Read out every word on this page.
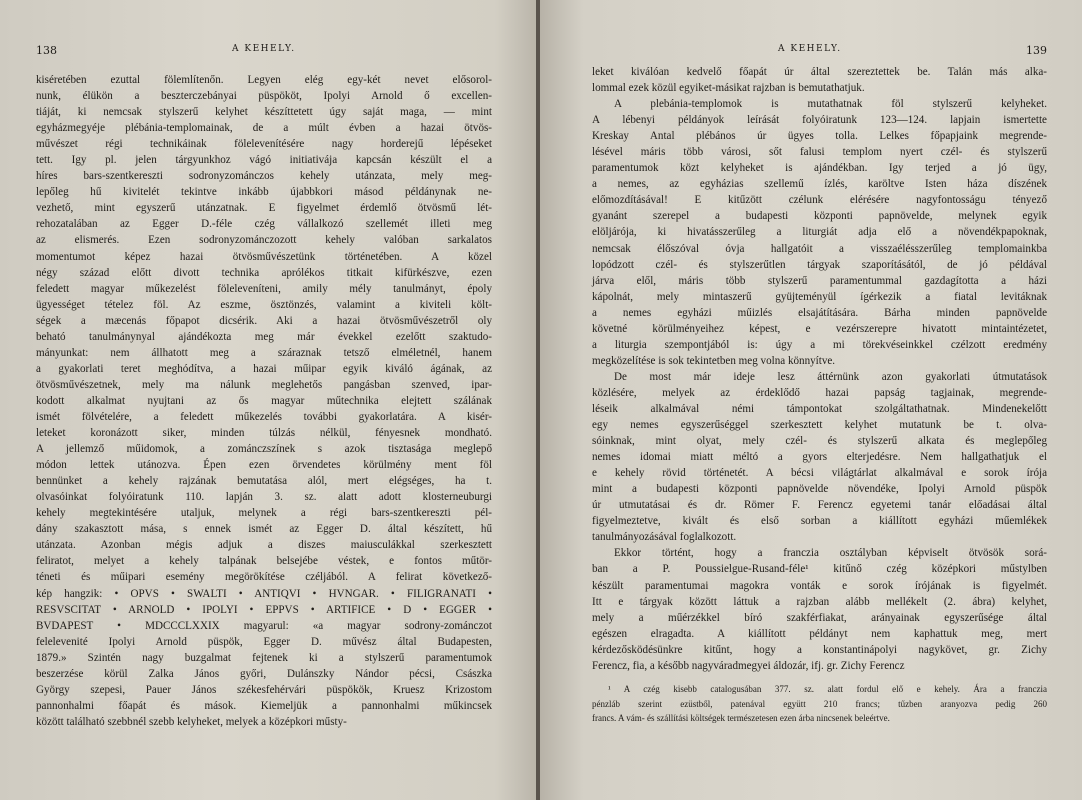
138	A KEHELY.
kiséretében ezuttal fölemlítenőn. Legyen elég egy-két nevet elősorol-
nunk, élükön a beszterczebányai püspököt, Ipolyi Arnold ő excellen-
tiáját, ki nemcsak stylszerű kelyhet készíttetett úgy saját maga, — mint
egyházmegyéje plébánia-templomainak, de a múlt évben a hazai ötvös-
művészet régi technikáinak fölelevenítésére nagy horderejű lépéseket
tett. Igy pl. jelen tárgyunkhoz vágó initiativája kapcsán készült el a
híres bars-szentkereszti sodronyzománczos kehely utánzata, mely meg-
lepőleg hű kivitelét tekintve inkább újabbkori másod példánynak ne-
vezhető, mint egyszerű utánzatnak. E figyelmet érdemlő ötvösmű lét-
rehozatalában az Egger D.-féle czég vállalkozó szellemét illeti meg
az elismerés. Ezen sodronyzománczozott kehely valóban sarkalatos
momentumot képez hazai ötvösművészetünk történetében. A közel
négy század előtt divott technika aprólékos titkait kifürkészve, ezen
feledett magyar műkezelést föleleveníteni, amily mély tanulmányt, époly
ügyességet tételez föl. Az eszme, ösztönzés, valamint a kiviteli költ-
ségek a mæcenás főpapot dicsérik. Aki a hazai ötvösművészetről oly
beható tanulmánynyal ajándékozta meg már évekkel ezelőtt szaktudo-
mányunkat: nem állhatott meg a száraznak tetsző elméletnél, hanem
a gyakorlati teret meghódítva, a hazai műipar egyik kiváló ágának, az
ötvösművészetnek, mely ma nálunk meglehetős pangásban szenved, ipar-
kodott alkalmat nyujtani az ős magyar műtechnika elejtett szálának
ismét fölvételére, a feledett műkezelés további gyakorlatára. A kisér-
leteket koronázott siker, minden túlzás nélkül, fényesnek mondható.
A jellemző műidomok, a zománczszínek s azok tisztasága meglepő
módon lettek utánozva. Épen ezen örvendetes körülmény ment föl
bennünket a kehely rajzának bemutatása alól, mert elégséges, ha t.
olvasóinkat folyóiratunk 110. lapján 3. sz. alatt adott klosterneuburgi
kehely megtekintésére utaljuk, melynek a régi bars-szentkereszti pél-
dány szakasztott mása, s ennek ismét az Egger D. által készített, hű
utánzata. Azonban mégis adjuk a diszes maiusculákkal szerkesztett
feliratot, melyet a kehely talpának belsejébe véstek, e fontos műtör-
téneti és műipari esemény megörökítése czéljából. A felirat következő-
kép hangzik: • OPVS • SWALTI • ANTIQVI • HVNGAR. • FILIGRANATI •
RESVSCITAT • ARNOLD • IPOLYI • EPPVS • ARTIFICE • D • EGGER •
BVDAPEST • MDCCCLXXIX magyarul: «a magyar sodrony-zománczot
felelevenité Ipolyi Arnold püspök, Egger D. művész által Budapesten,
1879.» Szintén nagy buzgalmat fejtenek ki a stylszerű paramentumok
beszerzése körül Zalka János győri, Dulánszky Nándor pécsi, Császka
György szepesi, Pauer János székesfehérvári püspökök, Kruesz Krizostom
pannonhalmi főapát és mások. Kiemeljük a pannonhalmi műkincsek
között található szebbnél szebb kelyheket, melyek a középkori műsty-
A KEHELY.	139
leket kiválóan kedvelő főapát úr által szereztettek be. Talán más alka-
lommal ezek közül egyiket-másikat rajzban is bemutathatjuk.
A plebánia-templomok is mutathatnak föl stylszerű kelyheket.
A lébenyi példányok leírását folyóiratunk 123—124. lapjain ismertette
Kreskay Antal plébános úr ügyes tolla. Lelkes főpapjaink megrende-
lésével máris több városi, sőt falusi templom nyert czél- és stylszerű
paramentumok közt kelyheket is ajándékban. Igy terjed a jó ügy,
a nemes, az egyházias szellemű ízlés, karöltve Isten háza díszének
előmozdításával! E kitűzött czélunk elérésére nagyfontosságu tényező
gyanánt szerepel a budapesti központi papnövelde, melynek egyik
elöljárója, ki hivatásszerűleg a liturgiát adja elő a növendékpapoknak,
nemcsak élőszóval óvja hallgatóit a visszaélésszerűleg templomainkba
lopódzott czél- és stylszerűtlen tárgyak szaporításától, de jó példával
járva elől, máris több stylszerű paramentummal gazdagította a házi
kápolnát, mely mintaszerű gyüjteményül ígérkezik a fiatal levitáknak
a nemes egyházi műizlés elsajátítására. Bárha minden papnövelde
követné körülményeihez képest, e vezérszerepre hivatott mintaintézetet,
a liturgia szempontjából is: úgy a mi törekvéseinkkel czélzott eredmény
megközelítése is sok tekintetben meg volna könnyítve.
De most már ideje lesz áttérnünk azon gyakorlati útmutatások
közlésére, melyek az érdeklődő hazai papság tagjainak, megrende-
léseik alkalmával némi támpontokat szolgáltathatnak. Mindenekelőtt
egy nemes egyszerűséggel szerkesztett kelyhet mutatunk be t. olva-
sóinknak, mint olyat, mely czél- és stylszerű alkata és meglepőleg
nemes idomai miatt méltó a gyors elterjedésre. Nem hallgathatjuk el
e kehely rövid történetét. A bécsi világtárlat alkalmával e sorok írója
mint a budapesti központi papnövelde növendéke, Ipolyi Arnold püspök
úr utmutatásai és dr. Römer F. Ferencz egyetemi tanár előadásai által
figyelmeztetve, kivált és első sorban a kiállított egyházi műemlékek
tanulmányozásával foglalkozott.
Ekkor történt, hogy a franczia osztályban képviselt ötvösök sorá-
ban a P. Poussielgue-Rusand-féle¹ kitűnő czég középkori műstylben
készült paramentumai magokra vonták e sorok írójának is figyelmét.
Itt e tárgyak között láttuk a rajzban alább mellékelt (2. ábra) kelyhet,
mely a műérzékkel bíró szakférfiakat, arányainak egyszerűsége által
egészen elragadta. A kiállított példányt nem kaphattuk meg, mert
kérdezősködésünkre kitűnt, hogy a konstantinápolyi nagykövet, gr. Zichy
Ferencz, fia, a később nagyváradmegyei áldozár, ifj. gr. Zichy Ferencz
¹ A czég kisebb catalogusában 377. sz. alatt fordul elő e kehely. Ára a franczia
pénzláb szerint ezüstből, patenával együtt 210 francs; tűzben aranyozva pedig 260
francs. A vám- és szállítási költségek természetesen ezen árba nincsenek beleértve.
